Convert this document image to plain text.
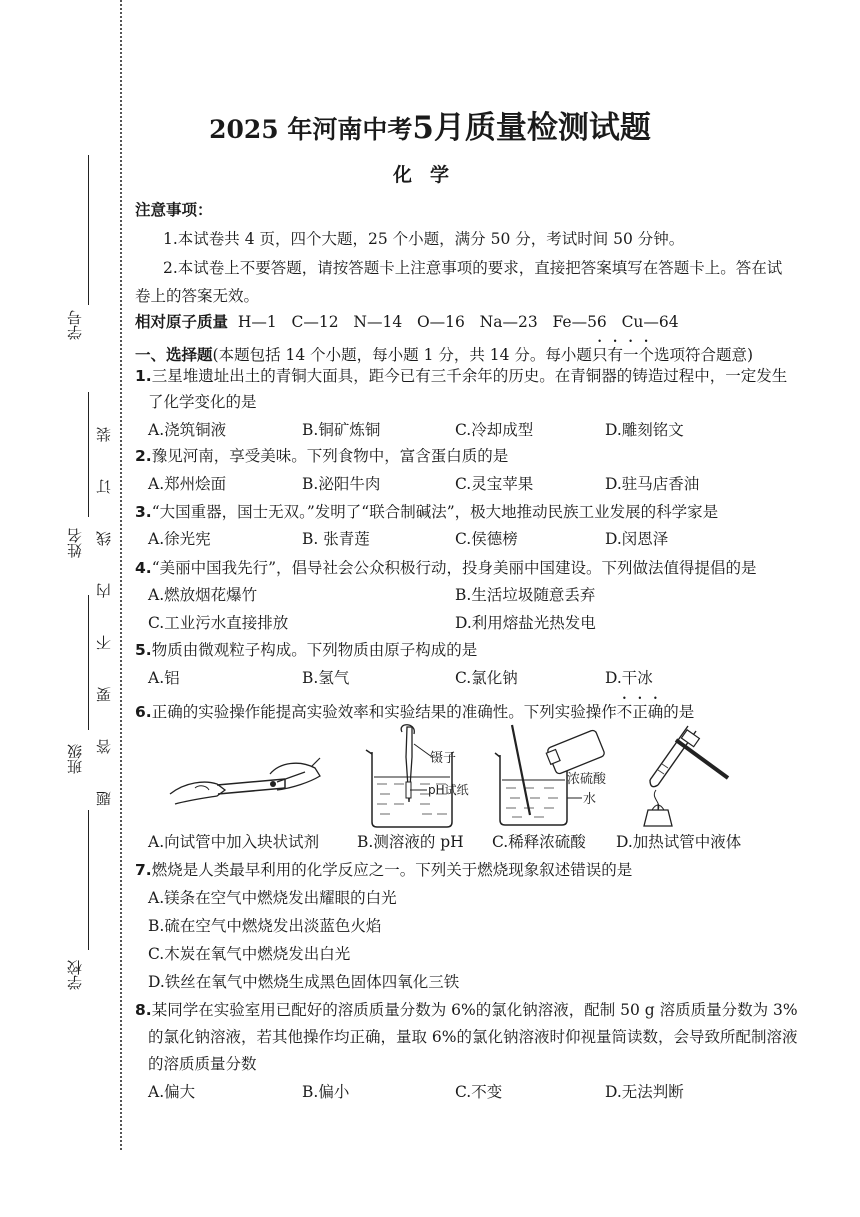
学号
姓名
班级
学校
题答要不内线订装
2025 年河南中考5月质量检测试题
化学
注意事项：
1.本试卷共 4 页，四个大题，25 个小题，满分 50 分，考试时间 50 分钟。
2.本试卷上不要答题，请按答题卡上注意事项的要求，直接把答案填写在答题卡上。答在试
卷上的答案无效。
相对原子质量 H—1   C—12   N—14   O—16   Na—23   Fe—56   Cu—64
一、选择题(本题包括 14 个小题，每小题 1 分，共 14 分。每小题只有一个选项符合题意)
1.三星堆遗址出土的青铜大面具，距今已有三千余年的历史。在青铜器的铸造过程中，一定发生
了化学变化的是
A.浇筑铜液	B.铜矿炼铜	C.冷却成型	D.雕刻铭文
2.豫见河南，享受美味。下列食物中，富含蛋白质的是
A.郑州烩面	B.泌阳牛肉	C.灵宝苹果	D.驻马店香油
3.“大国重器，国士无双。”发明了“联合制碱法”，极大地推动民族工业发展的科学家是
A.徐光宪	B. 张青莲	C.侯德榜	D.闵恩泽
4.“美丽中国我先行”，倡导社会公众积极行动，投身美丽中国建设。下列做法值得提倡的是
A.燃放烟花爆竹	B.生活垃圾随意丢弃
C.工业污水直接排放	D.利用熔盐光热发电
5.物质由微观粒子构成。下列物质由原子构成的是
A.铝	B.氢气	C.氯化钠	D.干冰
6.正确的实验操作能提高实验效率和实验结果的准确性。下列实验操作不正确的是
镊子
pH试纸
浓硫酸
水
A.向试管中加入块状试剂 B.测溶液的 pH C.稀释浓硫酸 D.加热试管中液体
7.燃烧是人类最早利用的化学反应之一。下列关于燃烧现象叙述错误的是
A.镁条在空气中燃烧发出耀眼的白光
B.硫在空气中燃烧发出淡蓝色火焰
C.木炭在氧气中燃烧发出白光
D.铁丝在氧气中燃烧生成黑色固体四氧化三铁
8.某同学在实验室用已配好的溶质质量分数为 6%的氯化钠溶液，配制 50 g 溶质质量分数为 3%
的氯化钠溶液，若其他操作均正确，量取 6%的氯化钠溶液时仰视量筒读数，会导致所配制溶液
的溶质质量分数
A.偏大	B.偏小	C.不变	D.无法判断
